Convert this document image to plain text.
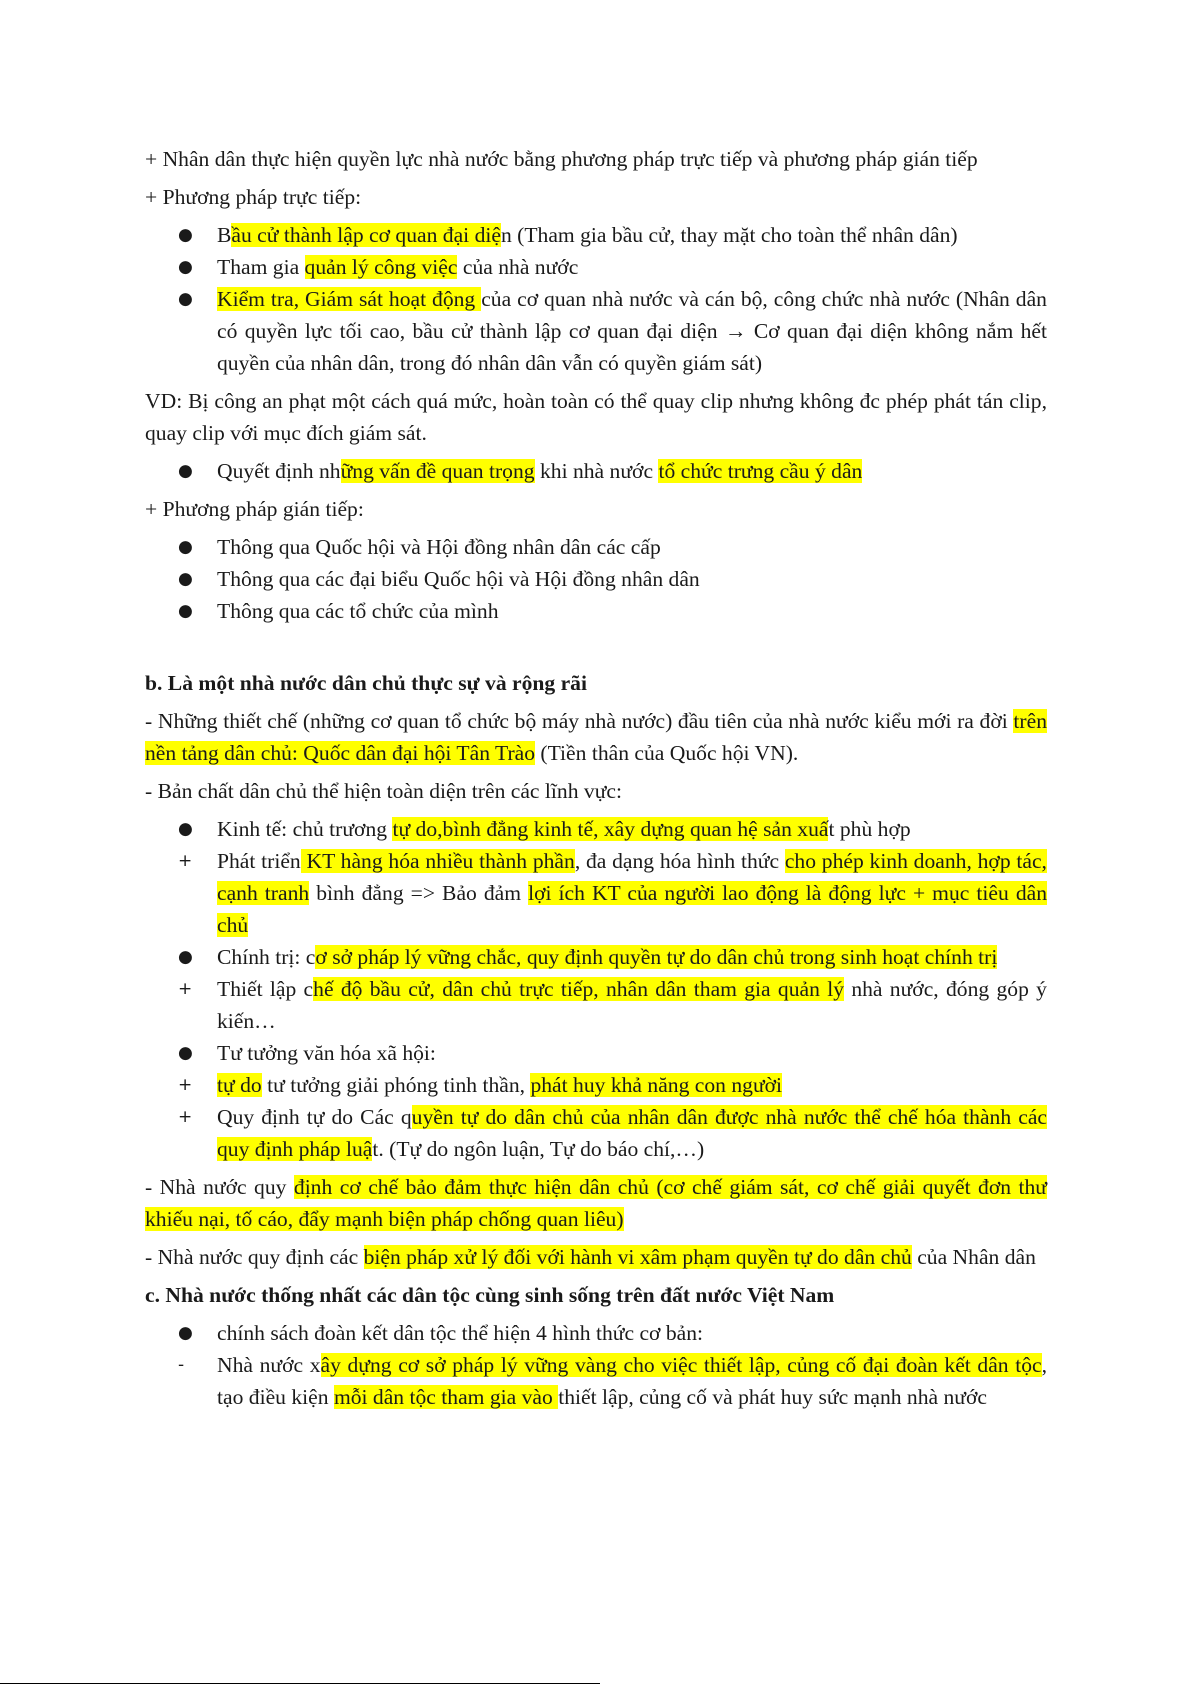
+ Nhân dân thực hiện quyền lực nhà nước bằng phương pháp trực tiếp và phương pháp gián tiếp

+ Phương pháp trực tiếp:

●	Bầu cử thành lập cơ quan đại diện (Tham gia bầu cử, thay mặt cho toàn thể nhân dân)
●	Tham gia quản lý công việc của nhà nước
●	Kiểm tra, Giám sát hoạt động của cơ quan nhà nước và cán bộ, công chức nhà nước (Nhân dân có quyền lực tối cao, bầu cử thành lập cơ quan đại diện → Cơ quan đại diện không nắm hết quyền của nhân dân, trong đó nhân dân vẫn có quyền giám sát)

VD: Bị công an phạt một cách quá mức, hoàn toàn có thể quay clip nhưng không đc phép phát tán clip, quay clip với mục đích giám sát.

●	Quyết định những vấn đề quan trọng khi nhà nước tổ chức trưng cầu ý dân

+ Phương pháp gián tiếp:

●	Thông qua Quốc hội và Hội đồng nhân dân các cấp
●	Thông qua các đại biểu Quốc hội và Hội đồng nhân dân
●	Thông qua các tổ chức của mình

b. Là một nhà nước dân chủ thực sự và rộng rãi

- Những thiết chế (những cơ quan tổ chức bộ máy nhà nước) đầu tiên của nhà nước kiểu mới ra đời trên nền tảng dân chủ: Quốc dân đại hội Tân Trào (Tiền thân của Quốc hội VN).

- Bản chất dân chủ thể hiện toàn diện trên các lĩnh vực:

●	Kinh tế: chủ trương tự do,bình đẳng kinh tế, xây dựng quan hệ sản xuất phù hợp
+	Phát triển KT hàng hóa nhiều thành phần, đa dạng hóa hình thức cho phép kinh doanh, hợp tác, cạnh tranh bình đẳng => Bảo đảm lợi ích KT của người lao động là động lực + mục tiêu dân chủ
●	Chính trị: cơ sở pháp lý vững chắc, quy định quyền tự do dân chủ trong sinh hoạt chính trị
+	Thiết lập chế độ bầu cử, dân chủ trực tiếp, nhân dân tham gia quản lý nhà nước, đóng góp ý kiến…
●	Tư tưởng văn hóa xã hội:
+	tự do tư tưởng giải phóng tinh thần, phát huy khả năng con người
+	Quy định tự do Các quyền tự do dân chủ của nhân dân được nhà nước thể chế hóa thành các quy định pháp luật. (Tự do ngôn luận, Tự do báo chí,…)

- Nhà nước quy định cơ chế bảo đảm thực hiện dân chủ (cơ chế giám sát, cơ chế giải quyết đơn thư khiếu nại, tố cáo, đẩy mạnh biện pháp chống quan liêu)

- Nhà nước quy định các biện pháp xử lý đối với hành vi xâm phạm quyền tự do dân chủ của Nhân dân

c. Nhà nước thống nhất các dân tộc cùng sinh sống trên đất nước Việt Nam

●	chính sách đoàn kết dân tộc thể hiện 4 hình thức cơ bản:
-	Nhà nước xây dựng cơ sở pháp lý vững vàng cho việc thiết lập, củng cố đại đoàn kết dân tộc, tạo điều kiện mỗi dân tộc tham gia vào thiết lập, củng cố và phát huy sức mạnh nhà nước
